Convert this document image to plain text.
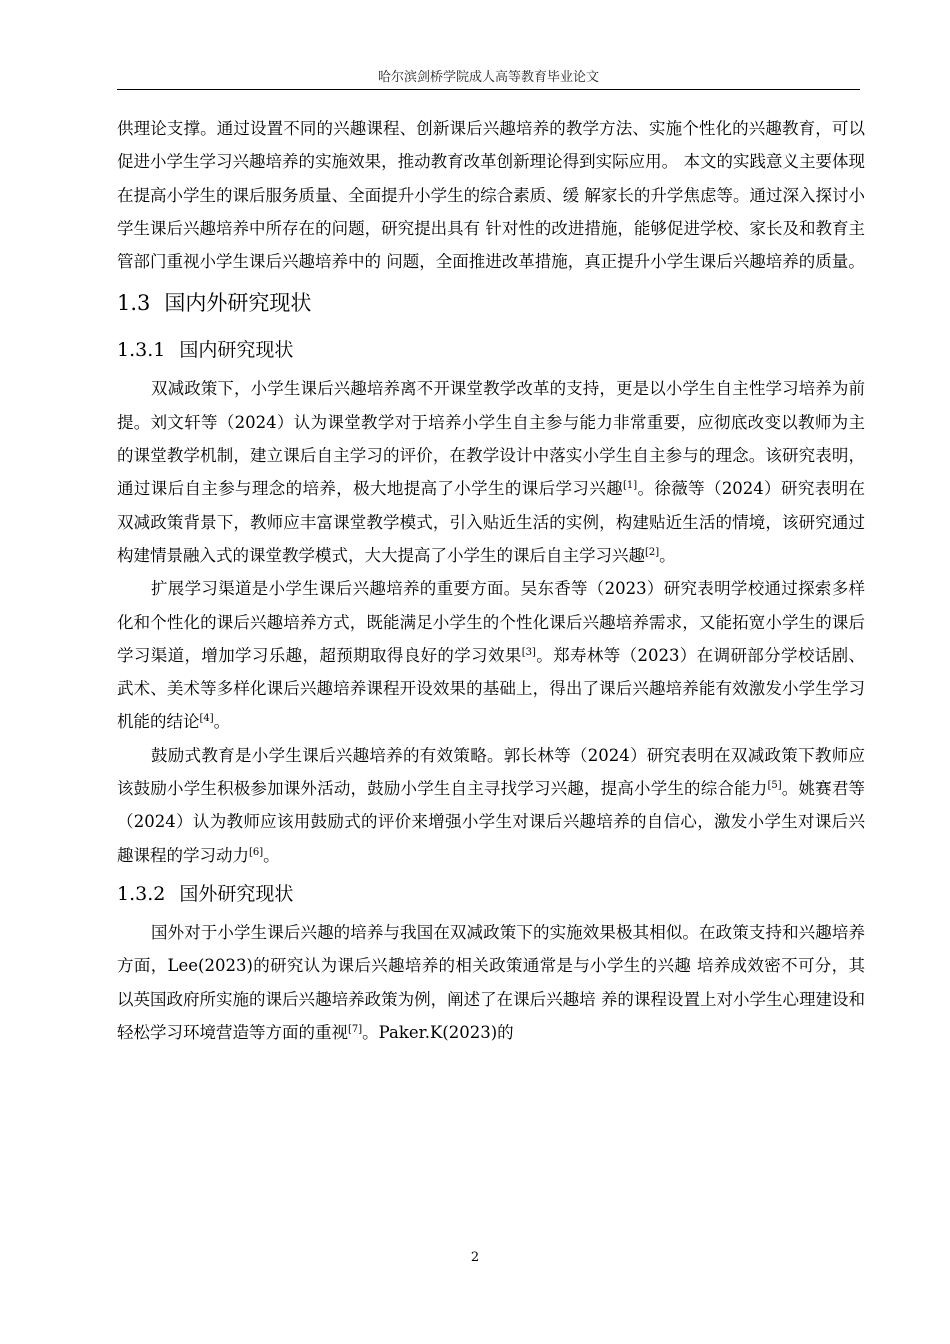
哈尔滨剑桥学院成人高等教育毕业论文

供理论支撑。通过设置不同的兴趣课程、创新课后兴趣培养的教学方法、实施个性化的兴趣教育，可以促进小学生学习兴趣培养的实施效果，推动教育改革创新理论得到实际应用。 本文的实践意义主要体现在提高小学生的课后服务质量、全面提升小学生的综合素质、缓 解家长的升学焦虑等。通过深入探讨小学生课后兴趣培养中所存在的问题，研究提出具有 针对性的改进措施，能够促进学校、家长及和教育主管部门重视小学生课后兴趣培养中的 问题，全面推进改革措施，真正提升小学生课后兴趣培养的质量。

1.3 国内外研究现状
1.3.1 国内研究现状

双减政策下，小学生课后兴趣培养离不开课堂教学改革的支持，更是以小学生自主性学习培养为前提。刘文轩等（2024）认为课堂教学对于培养小学生自主参与能力非常重要，应彻底改变以教师为主的课堂教学机制，建立课后自主学习的评价，在教学设计中落实小学生自主参与的理念。该研究表明，通过课后自主参与理念的培养，极大地提高了小学生的课后学习兴趣[1]。徐薇等（2024）研究表明在双减政策背景下，教师应丰富课堂教学模式，引入贴近生活的实例，构建贴近生活的情境，该研究通过构建情景融入式的课堂教学模式，大大提高了小学生的课后自主学习兴趣[2]。

扩展学习渠道是小学生课后兴趣培养的重要方面。吴东香等（2023）研究表明学校通过探索多样化和个性化的课后兴趣培养方式，既能满足小学生的个性化课后兴趣培养需求，又能拓宽小学生的课后学习渠道，增加学习乐趣，超预期取得良好的学习效果[3]。郑寿林等（2023）在调研部分学校话剧、武术、美术等多样化课后兴趣培养课程开设效果的基础上，得出了课后兴趣培养能有效激发小学生学习机能的结论[4]。

鼓励式教育是小学生课后兴趣培养的有效策略。郭长林等（2024）研究表明在双减政策下教师应该鼓励小学生积极参加课外活动，鼓励小学生自主寻找学习兴趣，提高小学生的综合能力[5]。姚赛君等（2024）认为教师应该用鼓励式的评价来增强小学生对课后兴趣培养的自信心，激发小学生对课后兴趣课程的学习动力[6]。

1.3.2 国外研究现状

国外对于小学生课后兴趣的培养与我国在双减政策下的实施效果极其相似。在政策支持和兴趣培养方面，Lee(2023)的研究认为课后兴趣培养的相关政策通常是与小学生的兴趣 培养成效密不可分，其以英国政府所实施的课后兴趣培养政策为例，阐述了在课后兴趣培 养的课程设置上对小学生心理建设和轻松学习环境营造等方面的重视[7]。Paker.K(2023)的

2
